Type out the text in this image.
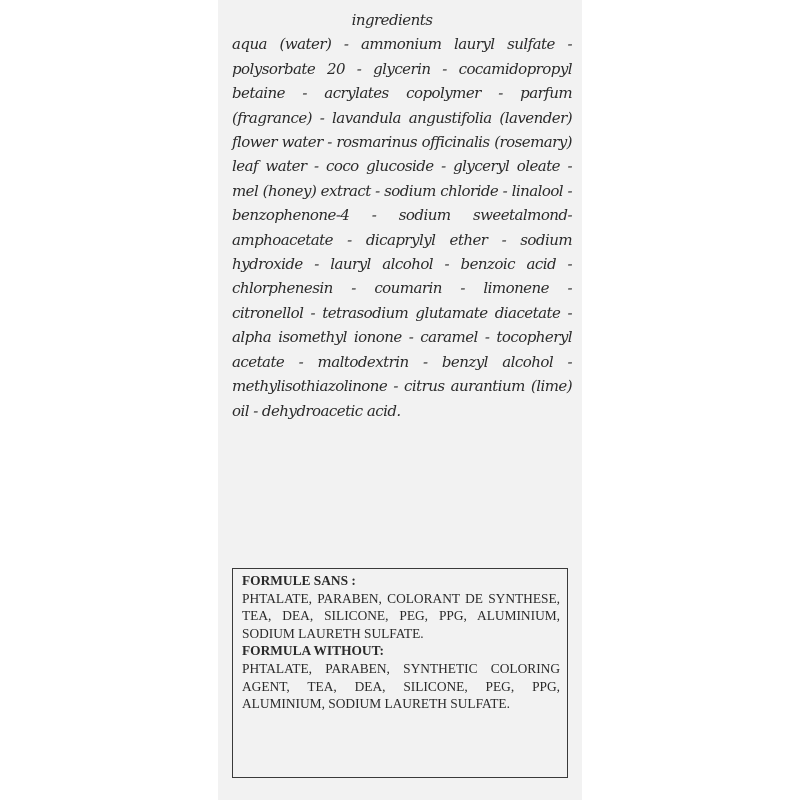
ingredients
aqua (water) - ammonium lauryl sulfate - polysorbate 20 - glycerin - cocamidopropyl betaine - acrylates copolymer - parfum (fragrance) - lavandula angustifolia (lavender) flower water - rosmarinus officinalis (rosemary) leaf water - coco glucoside - glyceryl oleate - mel (honey) extract - sodium chloride - linalool - benzophenone-4 - sodium sweetalmond-amphoacetate - dicaprylyl ether - sodium hydroxide - lauryl alcohol - benzoic acid - chlorphenesin - coumarin - limonene - citronellol - tetrasodium glutamate diacetate - alpha isomethyl ionone - caramel - tocopheryl acetate - maltodextrin - benzyl alcohol - methylisothiazolinone - citrus aurantium (lime) oil - dehydroacetic acid.
FORMULE SANS :
PHTALATE, PARABEN, COLORANT DE SYNTHESE, TEA, DEA, SILICONE, PEG, PPG, ALUMINIUM, SODIUM LAURETH SULFATE.
FORMULA WITHOUT:
PHTALATE, PARABEN, SYNTHETIC COLORING AGENT, TEA, DEA, SILICONE, PEG, PPG, ALUMINIUM, SODIUM LAURETH SULFATE.
